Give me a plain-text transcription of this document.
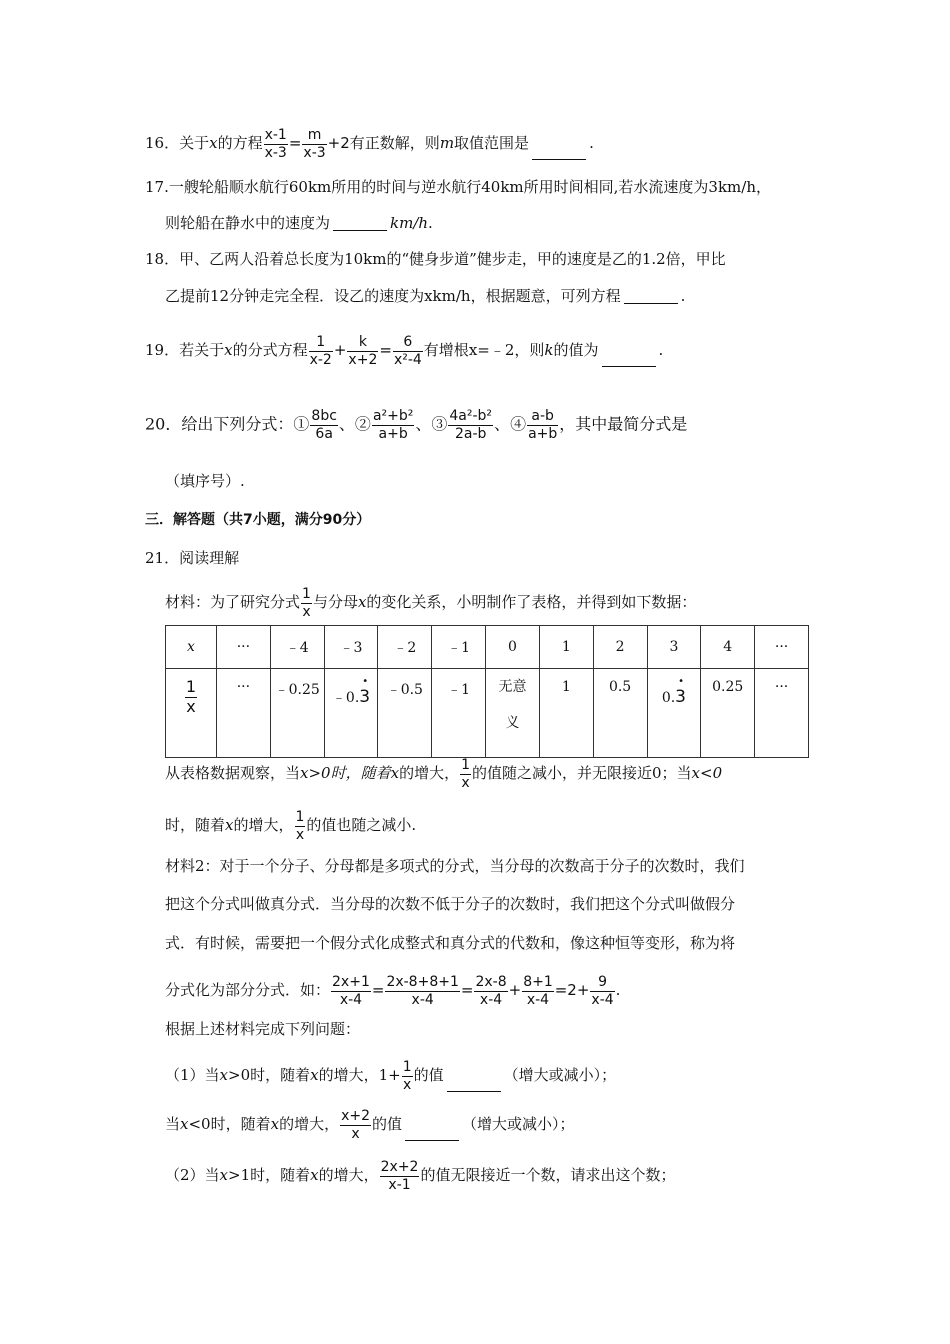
16．关于x的方程 $\frac{x-1}{x-3} = \frac{m}{x-3} +2$有正数解，则m取值范围是	.
17.一艘轮船顺水航行60km所用的时间与逆水航行40km所用时间相同,若水流速度为3km/h，
则轮船在静水中的速度为	km/h.
18．甲、乙两人沿着总长度为10km的“健身步道”健步走，甲的速度是乙的1.2倍，甲比
乙提前12分钟走完全程．设乙的速度为xkm/h，根据题意，可列方程	.
19．若关于x的分式方程 $\frac{1}{x-2} + \frac{k}{x+2} = \frac{6}{\text{x²-4}}$ 有增根x=﹣2，则k的值为	.
20．给出下列分式：① $\frac{8bc}{6a}$ 、② $\frac{\text{a²+b²}}{a+b}$ 、③ $\frac{\text{4a²-b²}}{2a-b}$ 、④ $\frac{a-b}{a+b}$ ，其中最简分式是
（填序号）.
三．解答题（共7小题，满分90分）
21．阅读理解
材料：为了研究分式 $\frac{1}{x}$ 与分母x的变化关系，小明制作了表格，并得到如下数据：
x	···	﹣4	﹣3	﹣2	﹣1	0	1	2	3	4	···

$\frac{1}{x}$	···	﹣0.25	﹣0.• 3	﹣0.5	﹣1	无意
义	1	0.5	0.• 3	0.25	···
从表格数据观察，当x>0时，随着x的增大， $\frac{1}{x}$ 的值随之减小，并无限接近0；当x<0
时，随着x的增大， $\frac{1}{x}$ 的值也随之减小.
材料2：对于一个分子、分母都是多项式的分式，当分母的次数高于分子的次数时，我们
把这个分式叫做真分式．当分母的次数不低于分子的次数时，我们把这个分式叫做假分
式．有时候，需要把一个假分式化成整式和真分式的代数和，像这种恒等变形，称为将
分式化为部分分式．如： $\frac{2x+1}{x-4} = \frac{2x-8+8+1}{x-4} = \frac{2x-8}{x-4} + \frac{8+1}{x-4} =2+ \frac{9}{x-4}$ .
根据上述材料完成下列问题：
（1）当x>0时，随着x的增大，$1+ \frac{1}{x}$ 的值	（增大或减小）；
当x<0时，随着x的增大， $\frac{x+2}{x}$ 的值	（增大或减小）；
（2）当x>1时，随着x的增大， $\frac{2x+2}{x-1}$ 的值无限接近一个数，请求出这个数；
